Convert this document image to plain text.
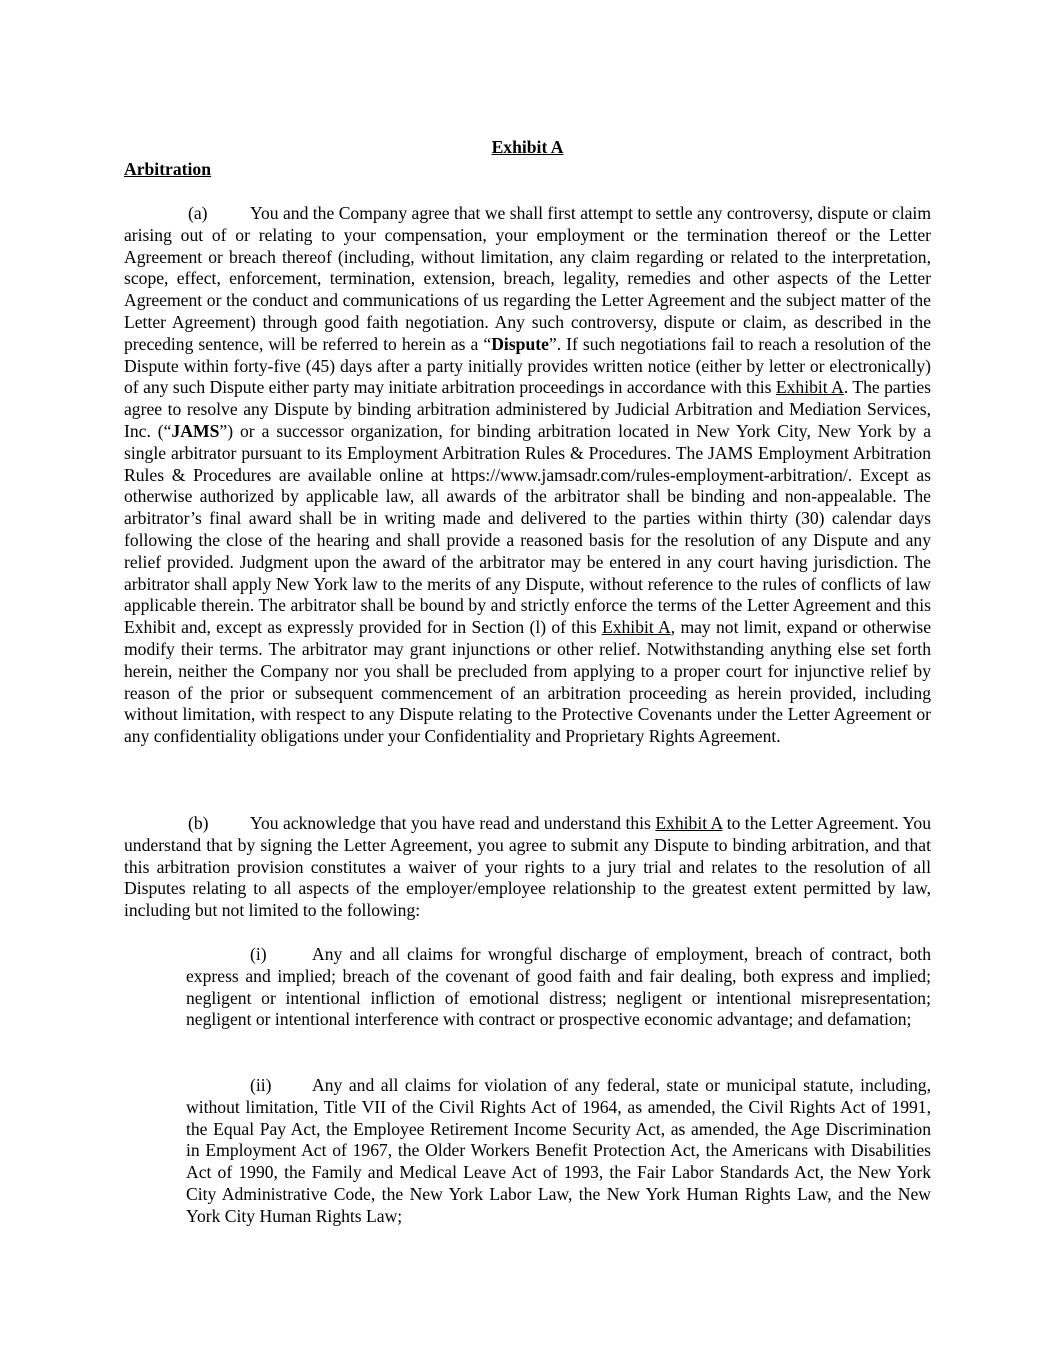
Exhibit A
Arbitration

(a) You and the Company agree that we shall first attempt to settle any controversy, dispute or claim arising out of or relating to your compensation, your employment or the termination thereof or the Letter Agreement or breach thereof (including, without limitation, any claim regarding or related to the interpretation, scope, effect, enforcement, termination, extension, breach, legality, remedies and other aspects of the Letter Agreement or the conduct and communications of us regarding the Letter Agreement and the subject matter of the Letter Agreement) through good faith negotiation. Any such controversy, dispute or claim, as described in the preceding sentence, will be referred to herein as a “Dispute”. If such negotiations fail to reach a resolution of the Dispute within forty-five (45) days after a party initially provides written notice (either by letter or electronically) of any such Dispute either party may initiate arbitration proceedings in accordance with this Exhibit A. The parties agree to resolve any Dispute by binding arbitration administered by Judicial Arbitration and Mediation Services, Inc. (“JAMS”) or a successor organization, for binding arbitration located in New York City, New York by a single arbitrator pursuant to its Employment Arbitration Rules & Procedures. The JAMS Employment Arbitration Rules & Procedures are available online at https://www.jamsadr.com/rules-employment-arbitration/. Except as otherwise authorized by applicable law, all awards of the arbitrator shall be binding and non-appealable. The arbitrator’s final award shall be in writing made and delivered to the parties within thirty (30) calendar days following the close of the hearing and shall provide a reasoned basis for the resolution of any Dispute and any relief provided. Judgment upon the award of the arbitrator may be entered in any court having jurisdiction. The arbitrator shall apply New York law to the merits of any Dispute, without reference to the rules of conflicts of law applicable therein. The arbitrator shall be bound by and strictly enforce the terms of the Letter Agreement and this Exhibit and, except as expressly provided for in Section (l) of this Exhibit A, may not limit, expand or otherwise modify their terms. The arbitrator may grant injunctions or other relief. Notwithstanding anything else set forth herein, neither the Company nor you shall be precluded from applying to a proper court for injunctive relief by reason of the prior or subsequent commencement of an arbitration proceeding as herein provided, including without limitation, with respect to any Dispute relating to the Protective Covenants under the Letter Agreement or any confidentiality obligations under your Confidentiality and Proprietary Rights Agreement.

(b) You acknowledge that you have read and understand this Exhibit A to the Letter Agreement. You understand that by signing the Letter Agreement, you agree to submit any Dispute to binding arbitration, and that this arbitration provision constitutes a waiver of your rights to a jury trial and relates to the resolution of all Disputes relating to all aspects of the employer/employee relationship to the greatest extent permitted by law, including but not limited to the following:

(i)	Any and all claims for wrongful discharge of employment, breach of contract, both express and implied; breach of the covenant of good faith and fair dealing, both express and implied; negligent or intentional infliction of emotional distress; negligent or intentional misrepresentation; negligent or intentional interference with contract or prospective economic advantage; and defamation;

(ii) Any and all claims for violation of any federal, state or municipal statute, including, without limitation, Title VII of the Civil Rights Act of 1964, as amended, the Civil Rights Act of 1991, the Equal Pay Act, the Employee Retirement Income Security Act, as amended, the Age Discrimination in Employment Act of 1967, the Older Workers Benefit Protection Act, the Americans with Disabilities Act of 1990, the Family and Medical Leave Act of 1993, the Fair Labor Standards Act, the New York City Administrative Code, the New York Labor Law, the New York Human Rights Law, and the New York City Human Rights Law;
